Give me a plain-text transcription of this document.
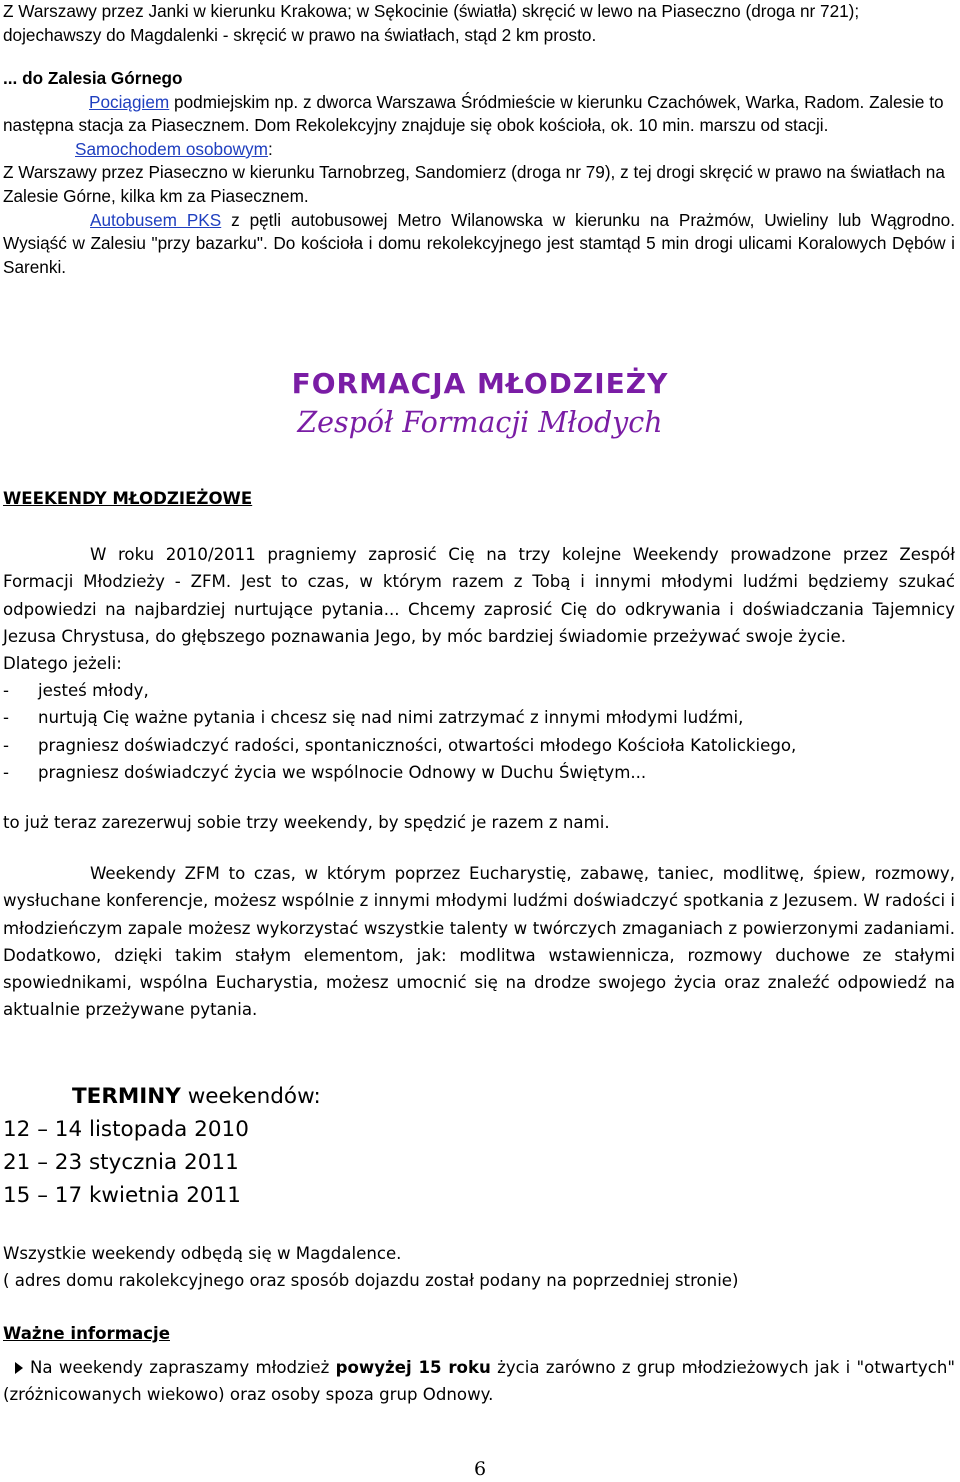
Z Warszawy przez Janki w kierunku Krakowa; w Sękocinie (światła) skręcić w lewo na Piaseczno (droga nr 721); dojechawszy do Magdalenki - skręcić w prawo na światłach, stąd 2 km prosto.

... do Zalesia Górnego

Pociągiem podmiejskim np. z dworca Warszawa Śródmieście w kierunku Czachówek, Warka, Radom. Zalesie to następna stacja za Piasecznem. Dom Rekolekcyjny znajduje się obok kościoła, ok. 10 min. marszu od stacji.

Samochodem osobowym:

Z Warszawy przez Piaseczno w kierunku Tarnobrzeg, Sandomierz (droga nr 79), z tej drogi skręcić w prawo na światłach na Zalesie Górne, kilka km za Piasecznem.

Autobusem PKS z pętli autobusowej Metro Wilanowska w kierunku na Prażmów, Uwieliny lub Wągrodno. Wysiąść w Zalesiu "przy bazarku". Do kościoła i domu rekolekcyjnego jest stamtąd 5 min drogi ulicami Koralowych Dębów i Sarenki.

FORMACJA MŁODZIEŻY
Zespół Formacji Młodych

WEEKENDY MŁODZIEŻOWE

W roku 2010/2011 pragniemy zaprosić Cię na trzy kolejne Weekendy prowadzone przez Zespół Formacji Młodzieży - ZFM. Jest to czas, w którym razem z Tobą i innymi młodymi ludźmi będziemy szukać odpowiedzi na najbardziej nurtujące pytania... Chcemy zaprosić Cię do odkrywania i doświadczania Tajemnicy Jezusa Chrystusa, do głębszego poznawania Jego, by móc bardziej świadomie przeżywać swoje życie.

Dlatego jeżeli:

- jesteś młody,
- nurtują Cię ważne pytania i chcesz się nad nimi zatrzymać z innymi młodymi ludźmi,
- pragniesz doświadczyć radości, spontaniczności, otwartości młodego Kościoła Katolickiego,
- pragniesz doświadczyć życia we wspólnocie Odnowy w Duchu Świętym...

to już teraz zarezerwuj sobie trzy weekendy, by spędzić je razem z nami.

Weekendy ZFM to czas, w którym poprzez Eucharystię, zabawę, taniec, modlitwę, śpiew, rozmowy, wysłuchane konferencje, możesz wspólnie z innymi młodymi ludźmi doświadczyć spotkania z Jezusem. W radości i młodzieńczym zapale możesz wykorzystać wszystkie talenty w twórczych zmaganiach z powierzonymi zadaniami. Dodatkowo, dzięki takim stałym elementom, jak: modlitwa wstawiennicza, rozmowy duchowe ze stałymi spowiednikami, wspólna Eucharystia, możesz umocnić się na drodze swojego życia oraz znaleźć odpowiedź na aktualnie przeżywane pytania.

TERMINY weekendów:

12 – 14 listopada 2010

21 – 23 stycznia 2011

15 – 17 kwietnia 2011

Wszystkie weekendy odbędą się w Magdalence.

( adres domu rakolekcyjnego oraz sposób dojazdu został podany na poprzedniej stronie)

Ważne informacje

Na weekendy zapraszamy młodzież powyżej 15 roku życia zarówno z grup młodzieżowych jak i "otwartych" (zróżnicowanych wiekowo) oraz osoby spoza grup Odnowy.

6
